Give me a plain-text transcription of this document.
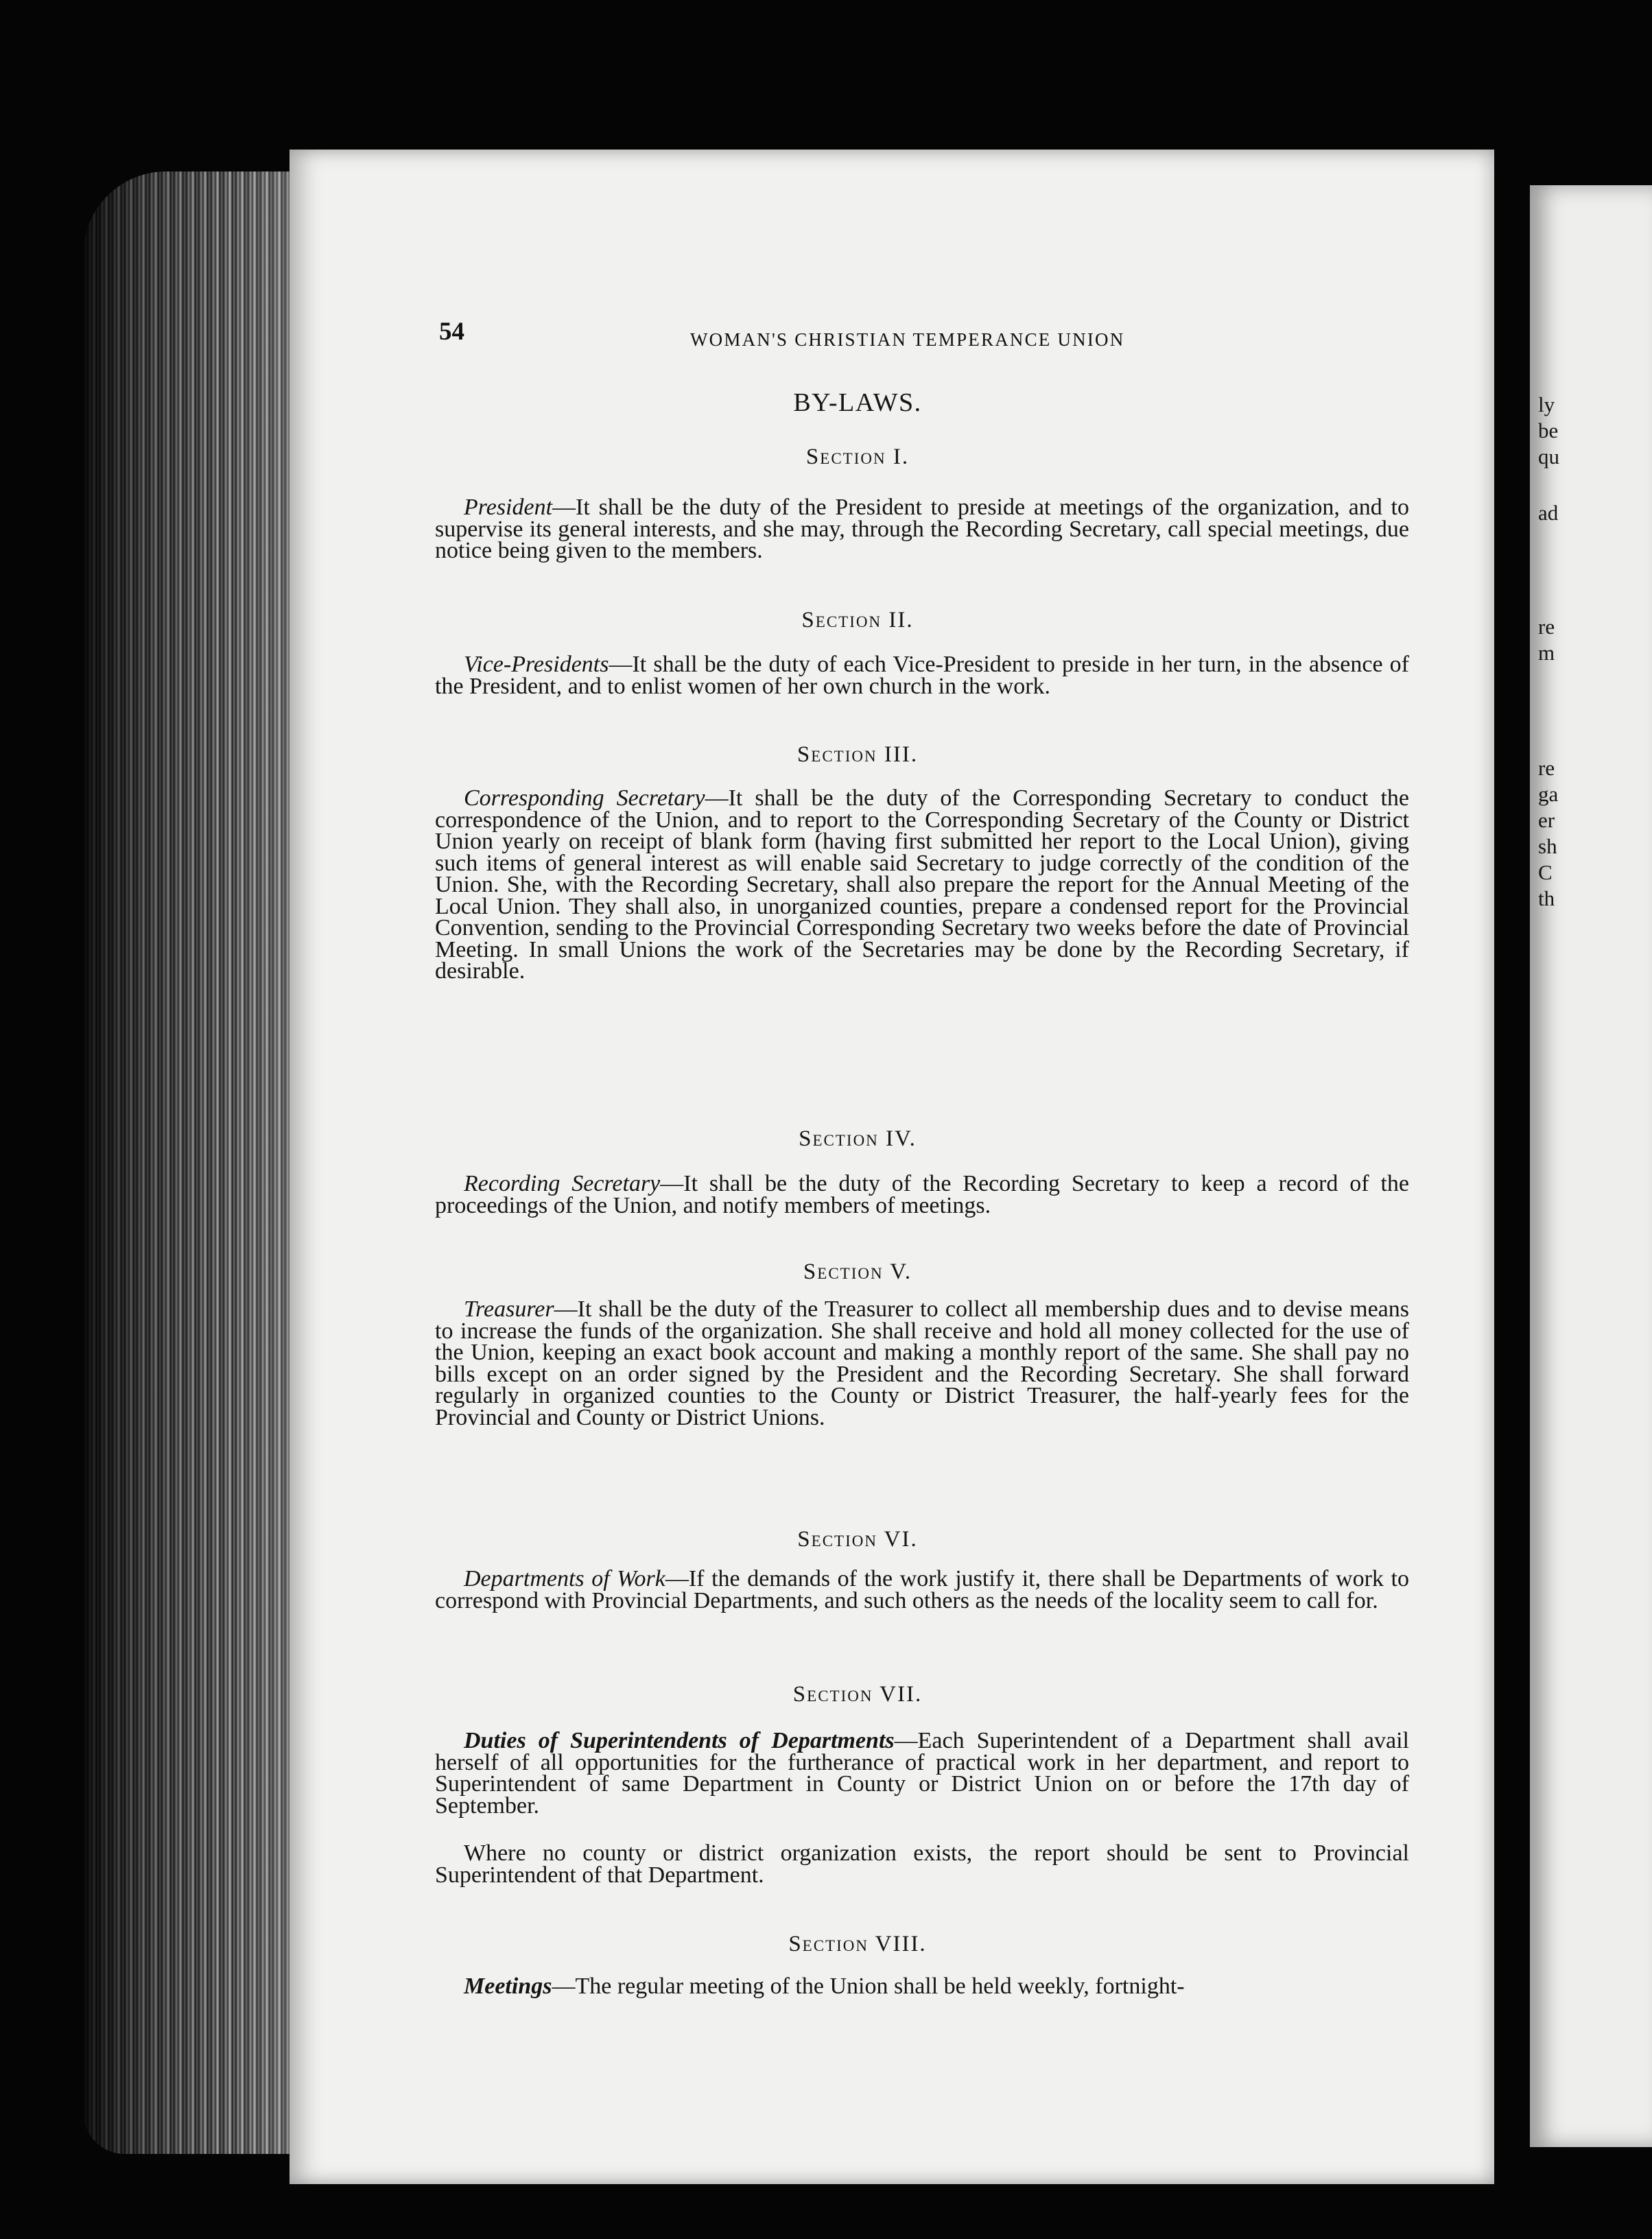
ly
be
qu
ad
re
m
re
ga
er
sh
C
th
54	WOMAN'S CHRISTIAN TEMPERANCE UNION
BY-LAWS.
Section I.
President—It shall be the duty of the President to preside at meetings of the organization, and to supervise its general interests, and she may, through the Recording Secretary, call special meetings, due notice being given to the members.
Section II.
Vice-Presidents—It shall be the duty of each Vice-President to preside in her turn, in the absence of the President, and to enlist women of her own church in the work.
Section III.
Corresponding Secretary—It shall be the duty of the Corresponding Secretary to conduct the correspondence of the Union, and to report to the Corresponding Secretary of the County or District Union yearly on receipt of blank form (having first submitted her report to the Local Union), giving such items of general interest as will enable said Secretary to judge correctly of the condition of the Union. She, with the Recording Secretary, shall also prepare the report for the Annual Meeting of the Local Union. They shall also, in unorganized counties, prepare a condensed report for the Provincial Convention, sending to the Provincial Corresponding Secretary two weeks before the date of Provincial Meeting. In small Unions the work of the Secretaries may be done by the Recording Secretary, if desirable.
Section IV.
Recording Secretary—It shall be the duty of the Recording Secretary to keep a record of the proceedings of the Union, and notify members of meetings.
Section V.
Treasurer—It shall be the duty of the Treasurer to collect all membership dues and to devise means to increase the funds of the organization. She shall receive and hold all money collected for the use of the Union, keeping an exact book account and making a monthly report of the same. She shall pay no bills except on an order signed by the President and the Recording Secretary. She shall forward regularly in organized counties to the County or District Treasurer, the half-yearly fees for the Provincial and County or District Unions.
Section VI.
Departments of Work—If the demands of the work justify it, there shall be Departments of work to correspond with Provincial Departments, and such others as the needs of the locality seem to call for.
Section VII.
Duties of Superintendents of Departments—Each Superintendent of a Department shall avail herself of all opportunities for the furtherance of practical work in her department, and report to Superintendent of same Department in County or District Union on or before the 17th day of September.
Where no county or district organization exists, the report should be sent to Provincial Superintendent of that Department.
Section VIII.
Meetings—The regular meeting of the Union shall be held weekly, fortnight-
